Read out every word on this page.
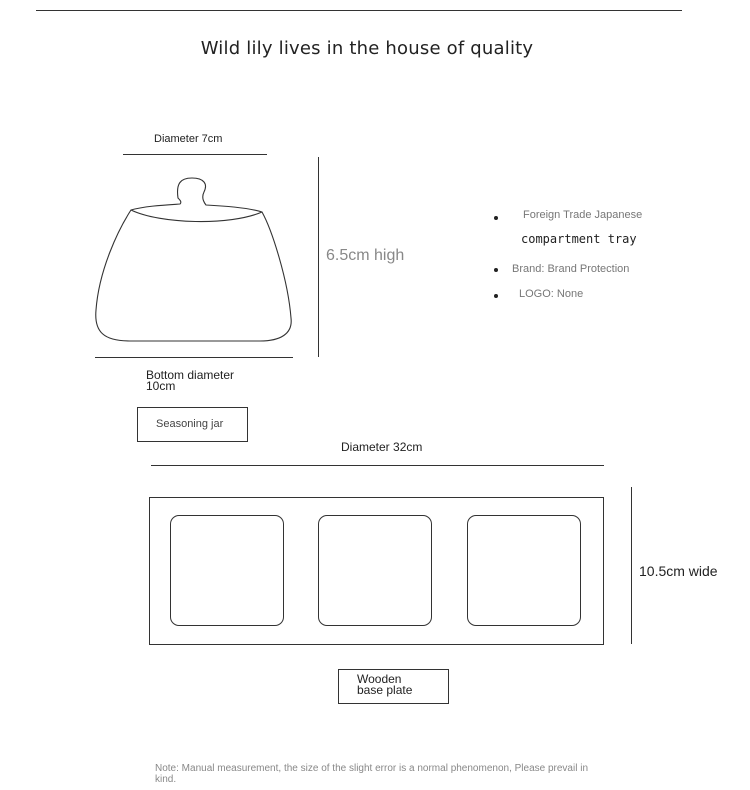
Wild lily lives in the house of quality
Diameter 7cm
6.5cm high
Bottom diameter
10cm
Seasoning jar
Foreign Trade Japanese
compartment tray
Brand: Brand Protection
LOGO: None
Diameter 32cm
10.5cm wide
Wooden
base plate
Note: Manual measurement, the size of the slight error is a normal phenomenon, Please prevail in kind.
